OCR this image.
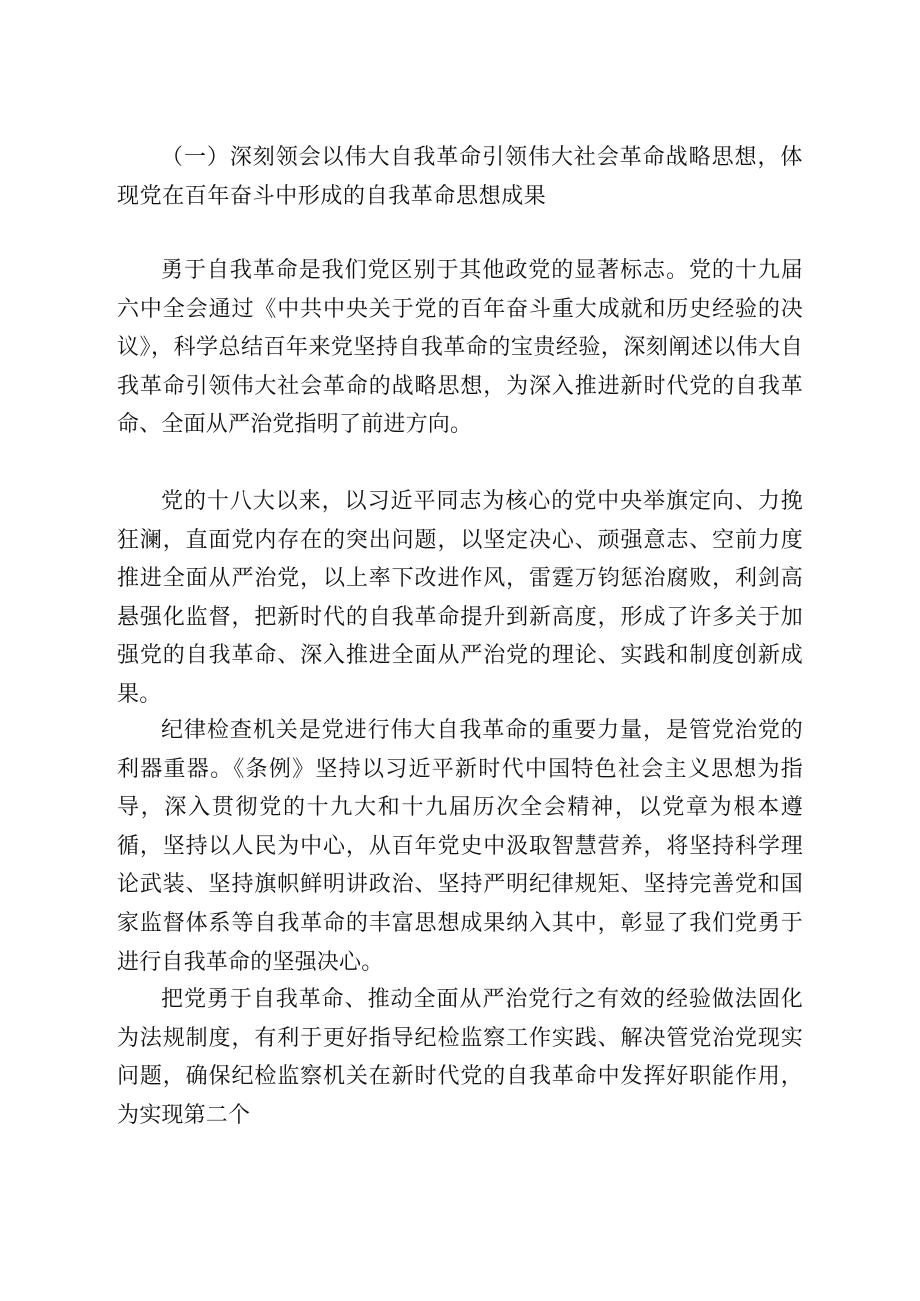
（一）深刻领会以伟大自我革命引领伟大社会革命战略思想，体现党在百年奋斗中形成的自我革命思想成果

勇于自我革命是我们党区别于其他政党的显著标志。党的十九届六中全会通过《中共中央关于党的百年奋斗重大成就和历史经验的决议》，科学总结百年来党坚持自我革命的宝贵经验，深刻阐述以伟大自我革命引领伟大社会革命的战略思想，为深入推进新时代党的自我革命、全面从严治党指明了前进方向。

党的十八大以来，以习近平同志为核心的党中央举旗定向、力挽狂澜，直面党内存在的突出问题，以坚定决心、顽强意志、空前力度推进全面从严治党，以上率下改进作风，雷霆万钧惩治腐败，利剑高悬强化监督，把新时代的自我革命提升到新高度，形成了许多关于加强党的自我革命、深入推进全面从严治党的理论、实践和制度创新成果。

纪律检查机关是党进行伟大自我革命的重要力量，是管党治党的利器重器。《条例》坚持以习近平新时代中国特色社会主义思想为指导，深入贯彻党的十九大和十九届历次全会精神，以党章为根本遵循，坚持以人民为中心，从百年党史中汲取智慧营养，将坚持科学理论武装、坚持旗帜鲜明讲政治、坚持严明纪律规矩、坚持完善党和国家监督体系等自我革命的丰富思想成果纳入其中，彰显了我们党勇于进行自我革命的坚强决心。

把党勇于自我革命、推动全面从严治党行之有效的经验做法固化为法规制度，有利于更好指导纪检监察工作实践、解决管党治党现实问题，确保纪检监察机关在新时代党的自我革命中发挥好职能作用，为实现第二个
